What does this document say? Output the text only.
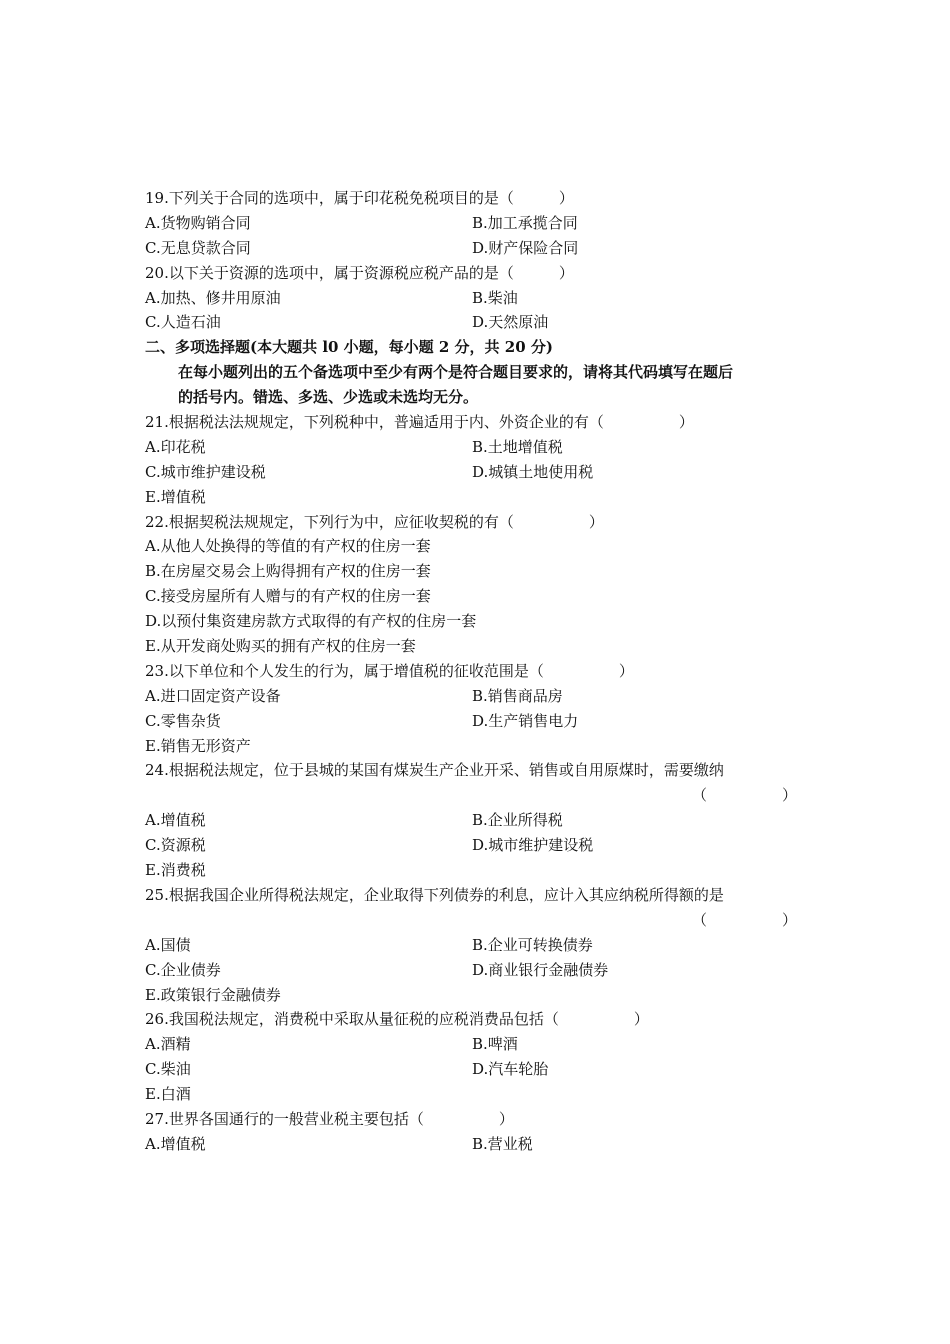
19.下列关于合同的选项中，属于印花税免税项目的是（　　　）
A.货物购销合同	B.加工承揽合同
C.无息贷款合同	D.财产保险合同
20.以下关于资源的选项中，属于资源税应税产品的是（　　　）
A.加热、修井用原油	B.柴油
C.人造石油	D.天然原油
二、多项选择题(本大题共 l0 小题，每小题 2 分，共 20 分)
在每小题列出的五个备选项中至少有两个是符合题目要求的，请将其代码填写在题后
的括号内。错选、多选、少选或未选均无分。
21.根据税法法规规定，下列税种中，普遍适用于内、外资企业的有（　　　　　）
A.印花税	B.土地增值税
C.城市维护建设税	D.城镇土地使用税
E.增值税
22.根据契税法规规定，下列行为中，应征收契税的有（　　　　　）
A.从他人处换得的等值的有产权的住房一套
B.在房屋交易会上购得拥有产权的住房一套
C.接受房屋所有人赠与的有产权的住房一套
D.以预付集资建房款方式取得的有产权的住房一套
E.从开发商处购买的拥有产权的住房一套
23.以下单位和个人发生的行为，属于增值税的征收范围是（　　　　　）
A.进口固定资产设备	B.销售商品房
C.零售杂货	D.生产销售电力
E.销售无形资产
24.根据税法规定，位于县城的某国有煤炭生产企业开采、销售或自用原煤时，需要缴纳
（　　　　　）
A.增值税	B.企业所得税
C.资源税	D.城市维护建设税
E.消费税
25.根据我国企业所得税法规定，企业取得下列债券的利息，应计入其应纳税所得额的是
（　　　　　）
A.国债	B.企业可转换债券
C.企业债券	D.商业银行金融债券
E.政策银行金融债券
26.我国税法规定，消费税中采取从量征税的应税消费品包括（　　　　　）
A.酒精	B.啤酒
C.柴油	D.汽车轮胎
E.白酒
27.世界各国通行的一般营业税主要包括（　　　　　）
A.增值税	B.营业税
